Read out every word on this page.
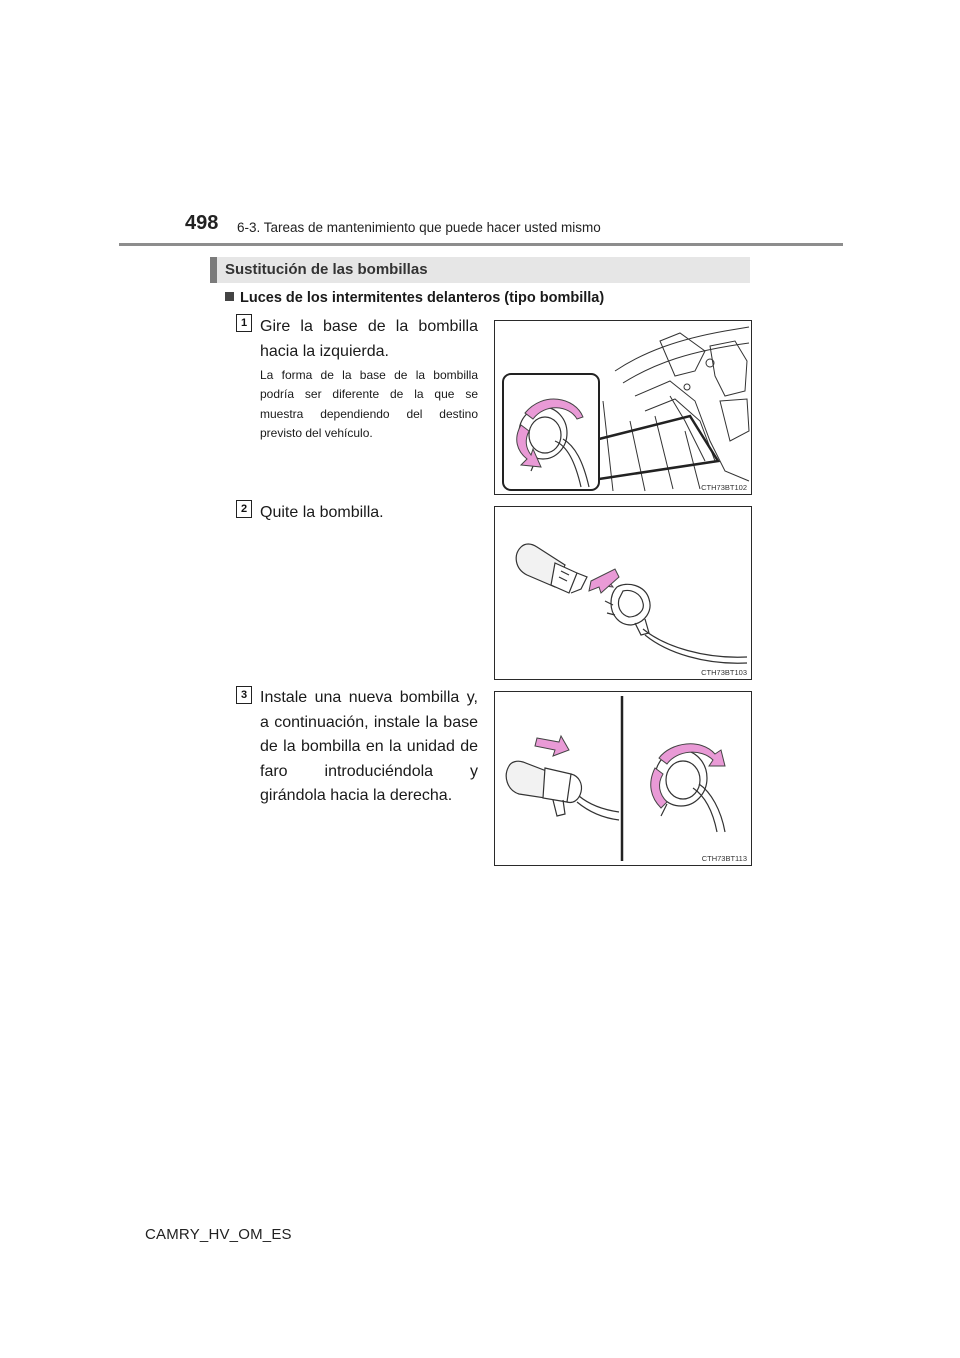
498 6-3. Tareas de mantenimiento que puede hacer usted mismo
Sustitución de las bombillas
Luces de los intermitentes delanteros (tipo bombilla)
1 Gire la base de la bombilla hacia la izquierda.
La forma de la base de la bombilla podría ser diferente de la que se muestra dependiendo del destino previsto del vehículo.
CTH73BT102
2 Quite la bombilla.
CTH73BT103
3 Instale una nueva bombilla y, a continuación, instale la base de la bombilla en la unidad de faro introduciéndola y girándola hacia la derecha.
CTH73BT113
CAMRY_HV_OM_ES
